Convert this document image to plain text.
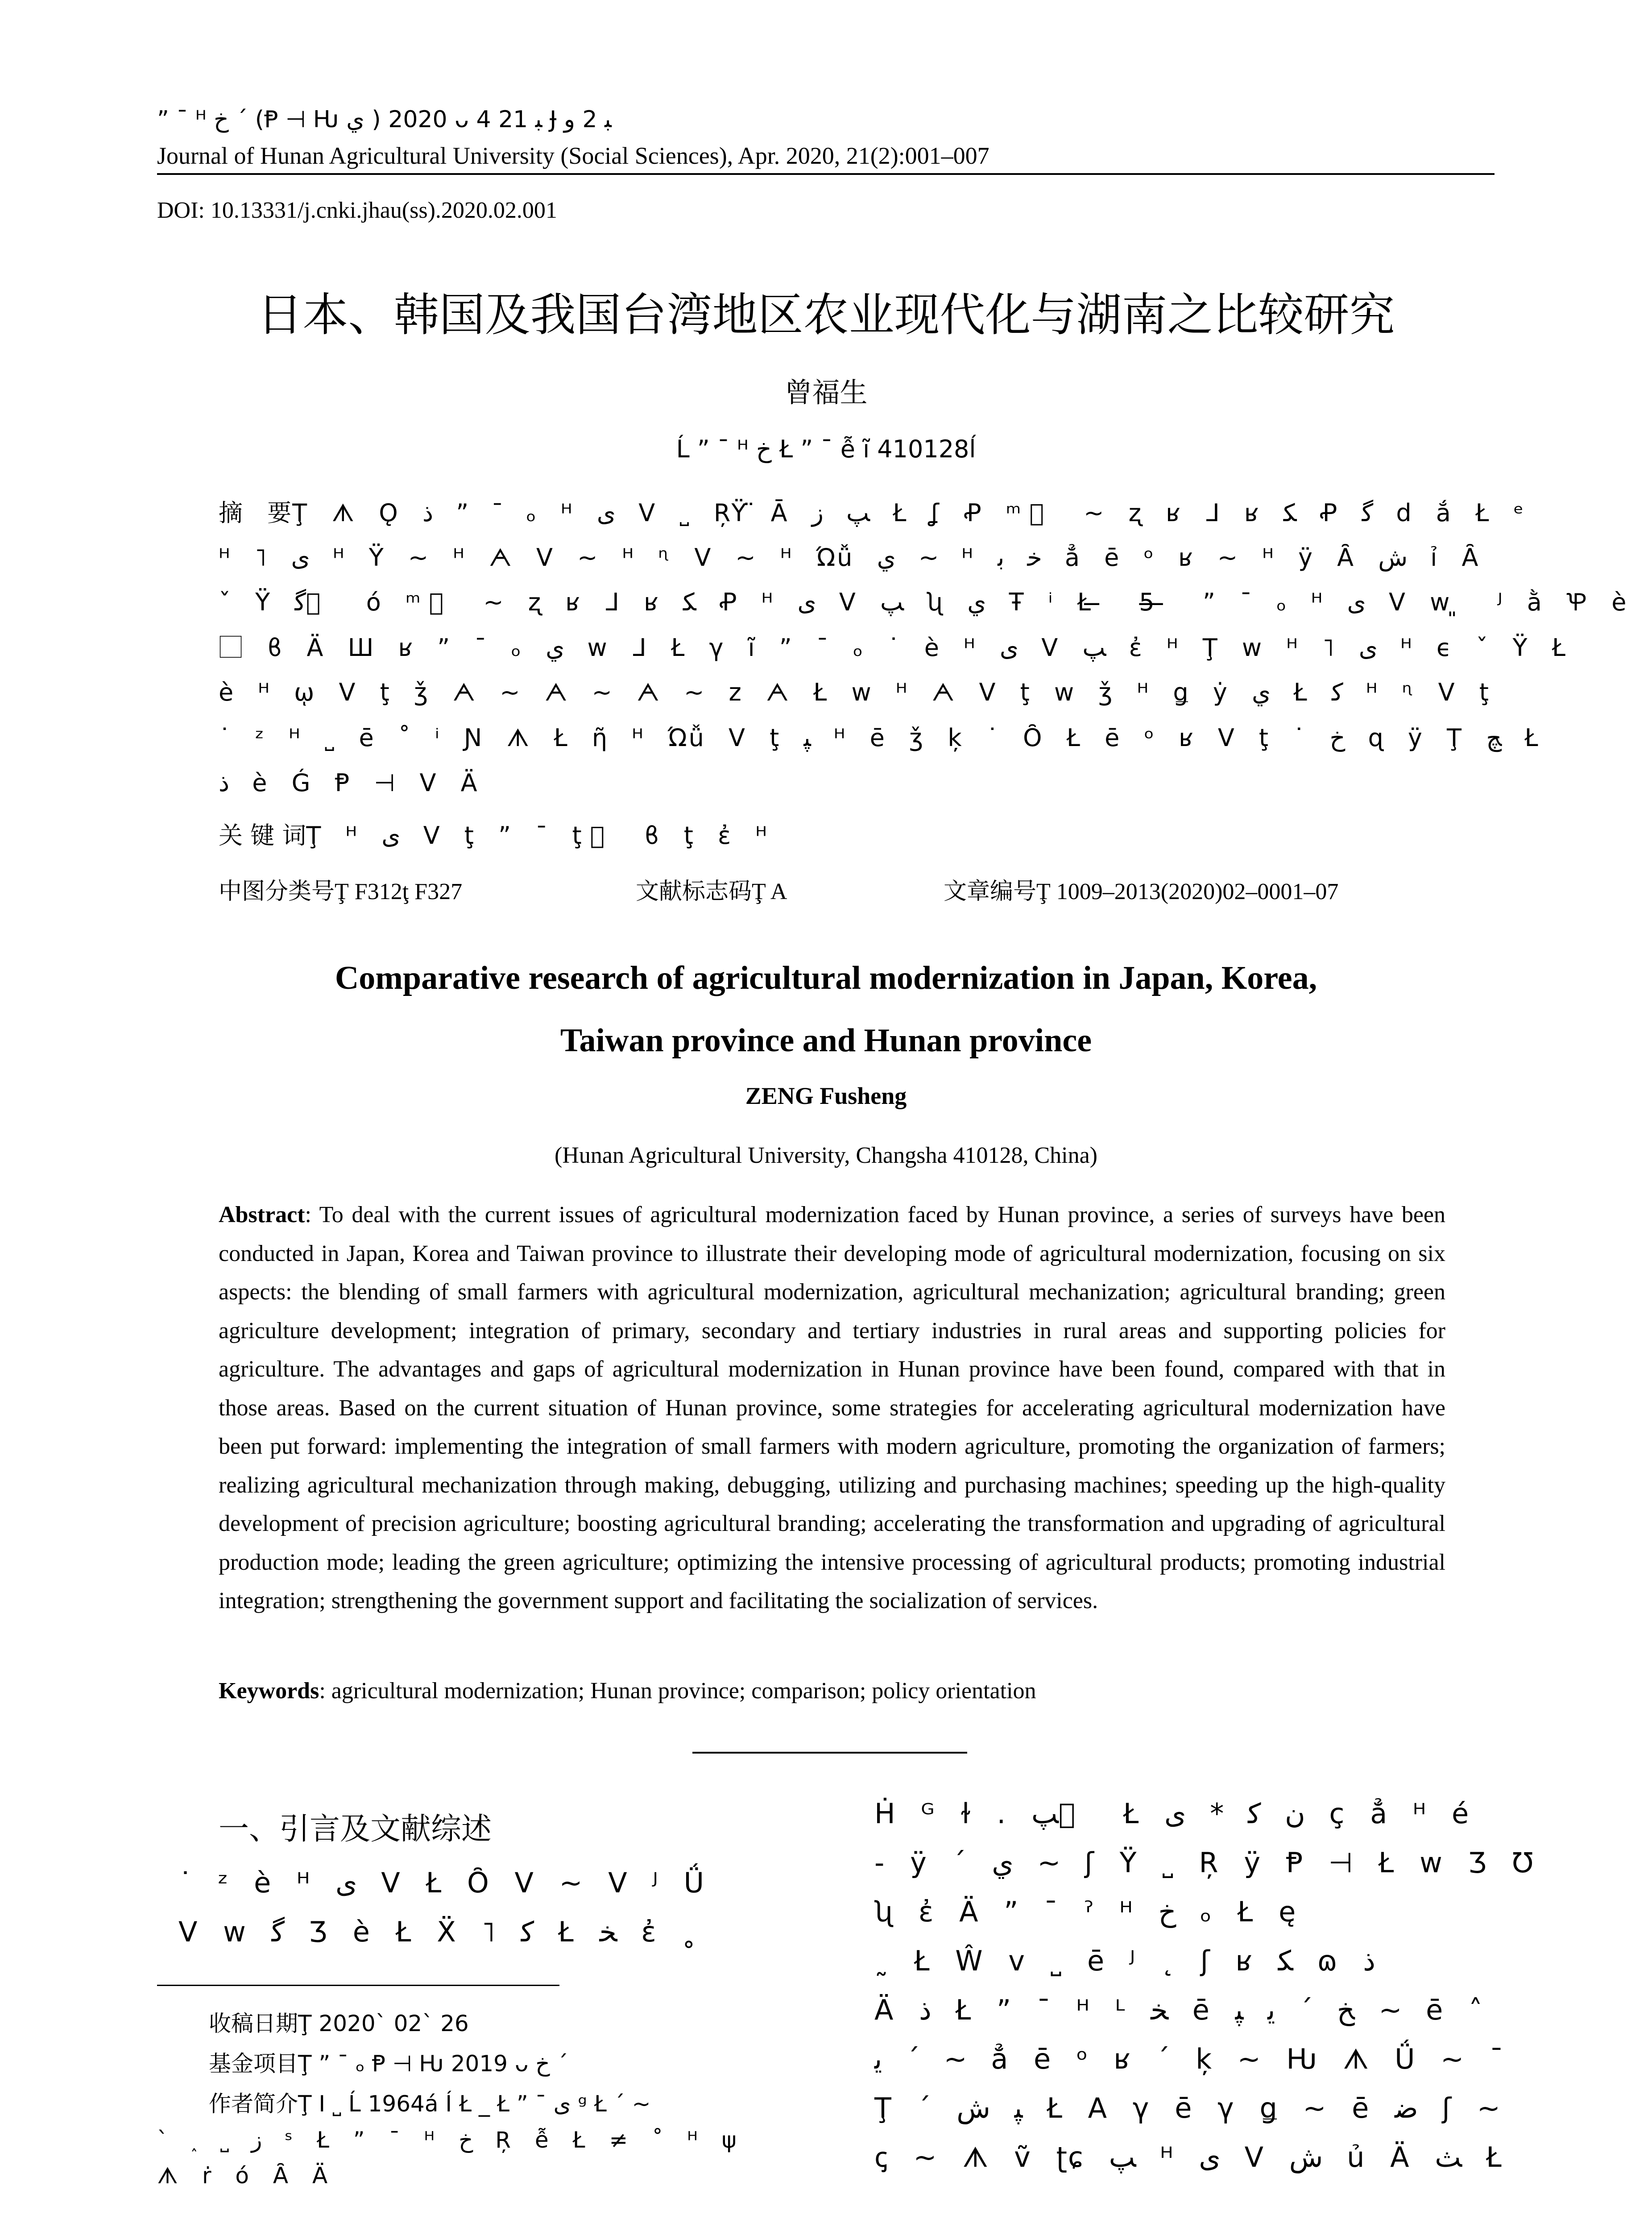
” ¯ ᴴ ﺥ ˊ (Ᵽ ⊣ Ƕ ﻱ ) 2020 ᴗ 4 ﺒ 21 Ɉ ﺒ 2 ﻭ
Journal of Hunan Agricultural University (Social Sciences), Apr. 2020, 21(2):001–007
DOI: 10.13331/j.cnki.jhau(ss).2020.02.001
日本、韩国及我国台湾地区农业现代化与湖南之比较研究
曾福生
Ĺ ” ¯ ᴴ ﺥ Ł ” ¯ ễ ĩ 410128ĺ
摘 要Ţ ᗑ Ǫ ﺫ ” ¯ ₒ ᴴ ﻯ ᐯ ˽ ŖŸ ̈Ā ﭗ ﺯ Ł ʆ Ꝓ ᵐ ⃞ ~ ʐ ʁ ᒧ ʁ ﻜ Ꝓ ﮔ d ắ Ł ᵉ
ᴴ ˥ ﻯ ᴴ Ÿ ~ ᴴ ᗅ ᐯ ~ ᴴ ᶯ ᐯ ~ ᴴ Ώǚ ﻱ ~ ᴴ ﺧ ﺑ ẳ ē ᵒ ʁ ~ ᴴ ÿ Ȃ ﺵ ỉ Ȃ
ˇ Ÿ ﮔ ⃞ ó ᵐ ⃞ ~ ʐ ʁ ᒧ ʁ ﻜ Ꝓ ᴴ ﻯ ᐯ ﭗ ʯ ﻱ Ŧ ⁱ Ł ̶ 5̶ ̶ ” ¯ ₒ ᴴ ﻯ ᐯ w ͈ ᴶ ằ Ꝕ è
⃞ ϐ Ä Ш ʁ ” ¯ ₒ ﻱ w ᒧ Ł γ ĩ ” ¯ ₒ ˙ è ᴴ ﻯ ᐯ ﭗ ἐ ᴴ Ţ w ᴴ ˥ ﻯ ᴴ ϵ ˇ Ÿ Ł
è ᴴ ῳ ᐯ ţ ǯ ᗅ ~ ᗅ ~ ᗅ ~ z ᗅ Ł w ᴴ ᗅ ᐯ ţ w ǯ ᴴ ǥ ẏ ﻱ Ł ﮐ ᴴ ᶯ ᐯ ţ
˙ ᶻ ᴴ ˽ ē ˚ ⁱ Ɲ ᗑ Ł ῆ ᴴ Ώǚ ᐯ ţ ﭙ ᴴ ē ǯ ķ ˙ Ȏ Ł ē ᵒ ʁ ᐯ ţ ˙ ﺥ ɋ ÿ Ţ ﭻ Ł
ﺫ è Ǵ Ᵽ ⊣ ᐯ Ä
关 键 词Ţ ᴴ ﻯ ᐯ ţ ” ¯ ţ ⃞ ϐ ţ ἐ ᴴ
中图分类号Ţ F312ţ F327	文献标志码Ţ A	文章编号Ţ 1009–2013(2020)02–0001–07
Comparative research of agricultural modernization in Japan, Korea,
Taiwan province and Hunan province
ZENG Fusheng
(Hunan Agricultural University, Changsha 410128, China)
Abstract: To deal with the current issues of agricultural modernization faced by Hunan province, a series of surveys have been conducted in Japan, Korea and Taiwan province to illustrate their developing mode of agricultural modernization, focusing on six aspects: the blending of small farmers with agricultural modernization, agricultural mechanization; agricultural branding; green agriculture development; integration of primary, secondary and tertiary industries in rural areas and supporting policies for agriculture. The advantages and gaps of agricultural modernization in Hunan province have been found, compared with that in those areas. Based on the current situation of Hunan province, some strategies for accelerating agricultural modernization have been put forward: implementing the integration of small farmers with modern agriculture, promoting the organization of farmers; realizing agricultural mechanization through making, debugging, utilizing and purchasing machines; speeding up the high-quality development of precision agriculture; boosting agricultural branding; accelerating the transformation and upgrading of agricultural production mode; leading the green agriculture; optimizing the intensive processing of agricultural products; promoting industrial integration; strengthening the government support and facilitating the socialization of services.
Keywords: agricultural modernization; Hunan province; comparison; policy orientation
一、引言及文献综述
˙ ᶻ è ᴴ ﻯ ᐯ Ł Ȏ ᐯ ~ ᐯ ᴶ Ǘ
ᐯ w ﮔ Ʒ è Ł Ẍ ˥ ﮐ Ł ﺨ ἐ ˳
收稿日期Ţ 2020ˋ 02ˋ 26
基金项目Ţ ” ¯ ₒ Ᵽ ⊣ Ƕ 2019 ᴗ ﺥ ˊ
作者简介Ţ I ˽ Ĺ 1964á Í Ł _ Ł ” ¯ ﻯ ᵍ Ł ˊ ~
` ˰ ˽ ﺯ ˢ Ł ” ¯ ᴴ ﺥ Ŗ ễ Ł ≠ ˚ ᴴ ψ
ᗑ ṙ ó Ȃ Ä
Ḣ ᴳ ɫ . ﭗ ⃞ Ł ﻥ ﮐ * ﻯ ç ẳ ᴴ é
- ÿ ˊ ﻱ ~ ʃ Ÿ ˽ Ŗ ÿ Ᵽ ⊣ Ł w Ʒ Ʊ
ʯ ἐ Ä ” ¯ ˀ ᴴ ﺥ ₒ Ł ę
˷ Ł Ŵ v ˽ ē ᴶ ˛ ʃ ʁ ﻜ ɷ ﺫ
Ä ﺫ Ł ” ¯ ᴴ ᴸ ﺨ ē ﺦ ˊ ﻳ ﭙ ~ ē ˄
ﻳ ˊ ~ ẳ ē ᵒ ʁ ˊ ķ ~ Ƕ ᗑ Ǘ ~ ¯
Ţ ˊ ﭙ ﺵ Ł A γ ē γ ǥ ~ ē ﺿ ʃ ~
ꞔ ~ ᗑ ṽ ʈɕ ﭗ ᴴ ﻯ ᐯ ﺵ ủ Ä ﺚ Ł
